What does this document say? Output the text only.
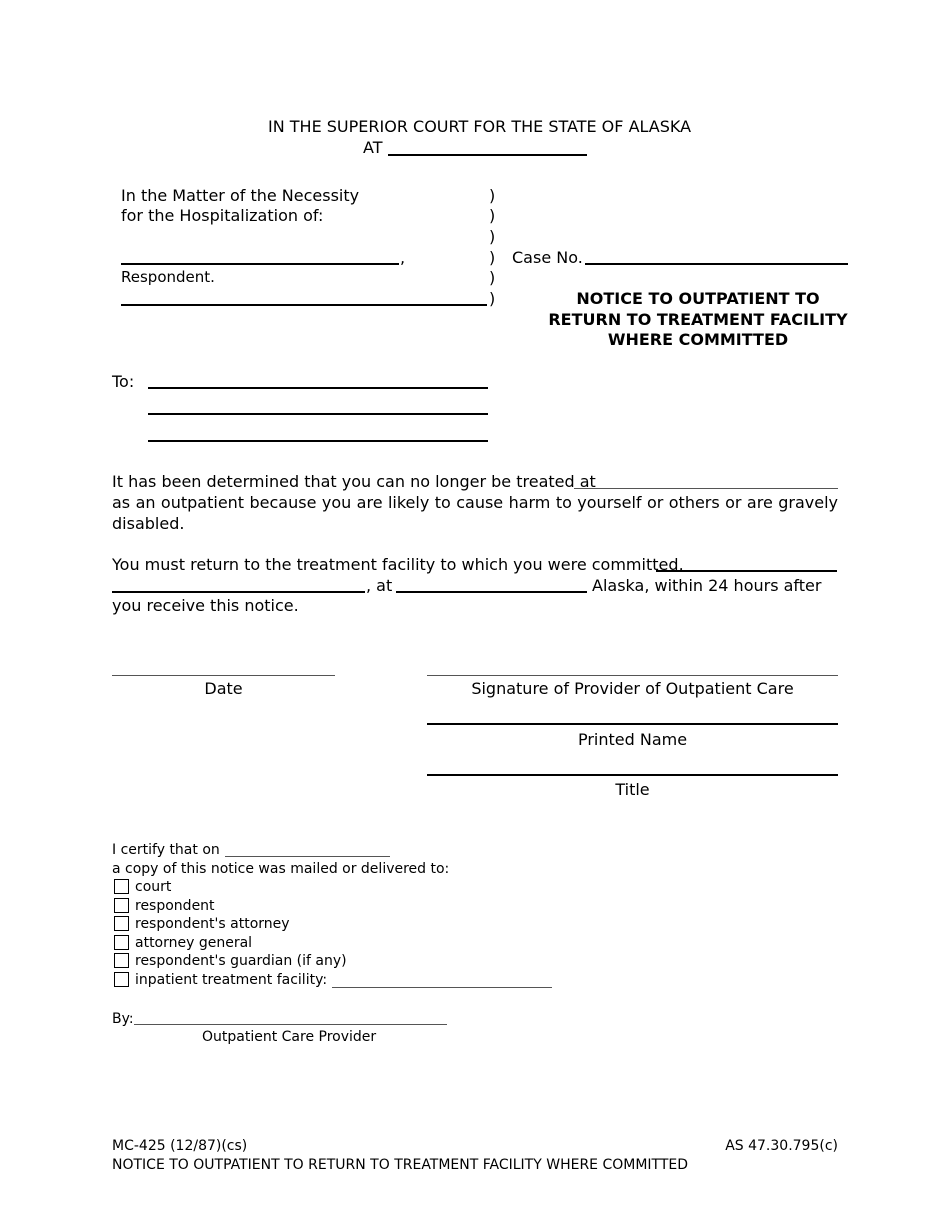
IN THE SUPERIOR COURT FOR THE STATE OF ALASKA
AT
In the Matter of the Necessity
for the Hospitalization of:
,
Respondent.
)
)
)
)
)
)
Case No.
NOTICE TO OUTPATIENT TO
RETURN TO TREATMENT FACILITY
WHERE COMMITTED
To:
It has been determined that you can no longer be treated at
as an outpatient because you are likely to cause harm to yourself or others or are gravely
disabled.
You must return to the treatment facility to which you were committed,
, at	Alaska, within 24 hours after
you receive this notice.
Date	Signature of Provider of Outpatient Care
Printed Name
Title
I certify that on
a copy of this notice was mailed or delivered to:
court
respondent
respondent's attorney
attorney general
respondent's guardian (if any)
inpatient treatment facility:
By:
Outpatient Care Provider
MC-425 (12/87)(cs)
NOTICE TO OUTPATIENT TO RETURN TO TREATMENT FACILITY WHERE COMMITTED
AS 47.30.795(c)
